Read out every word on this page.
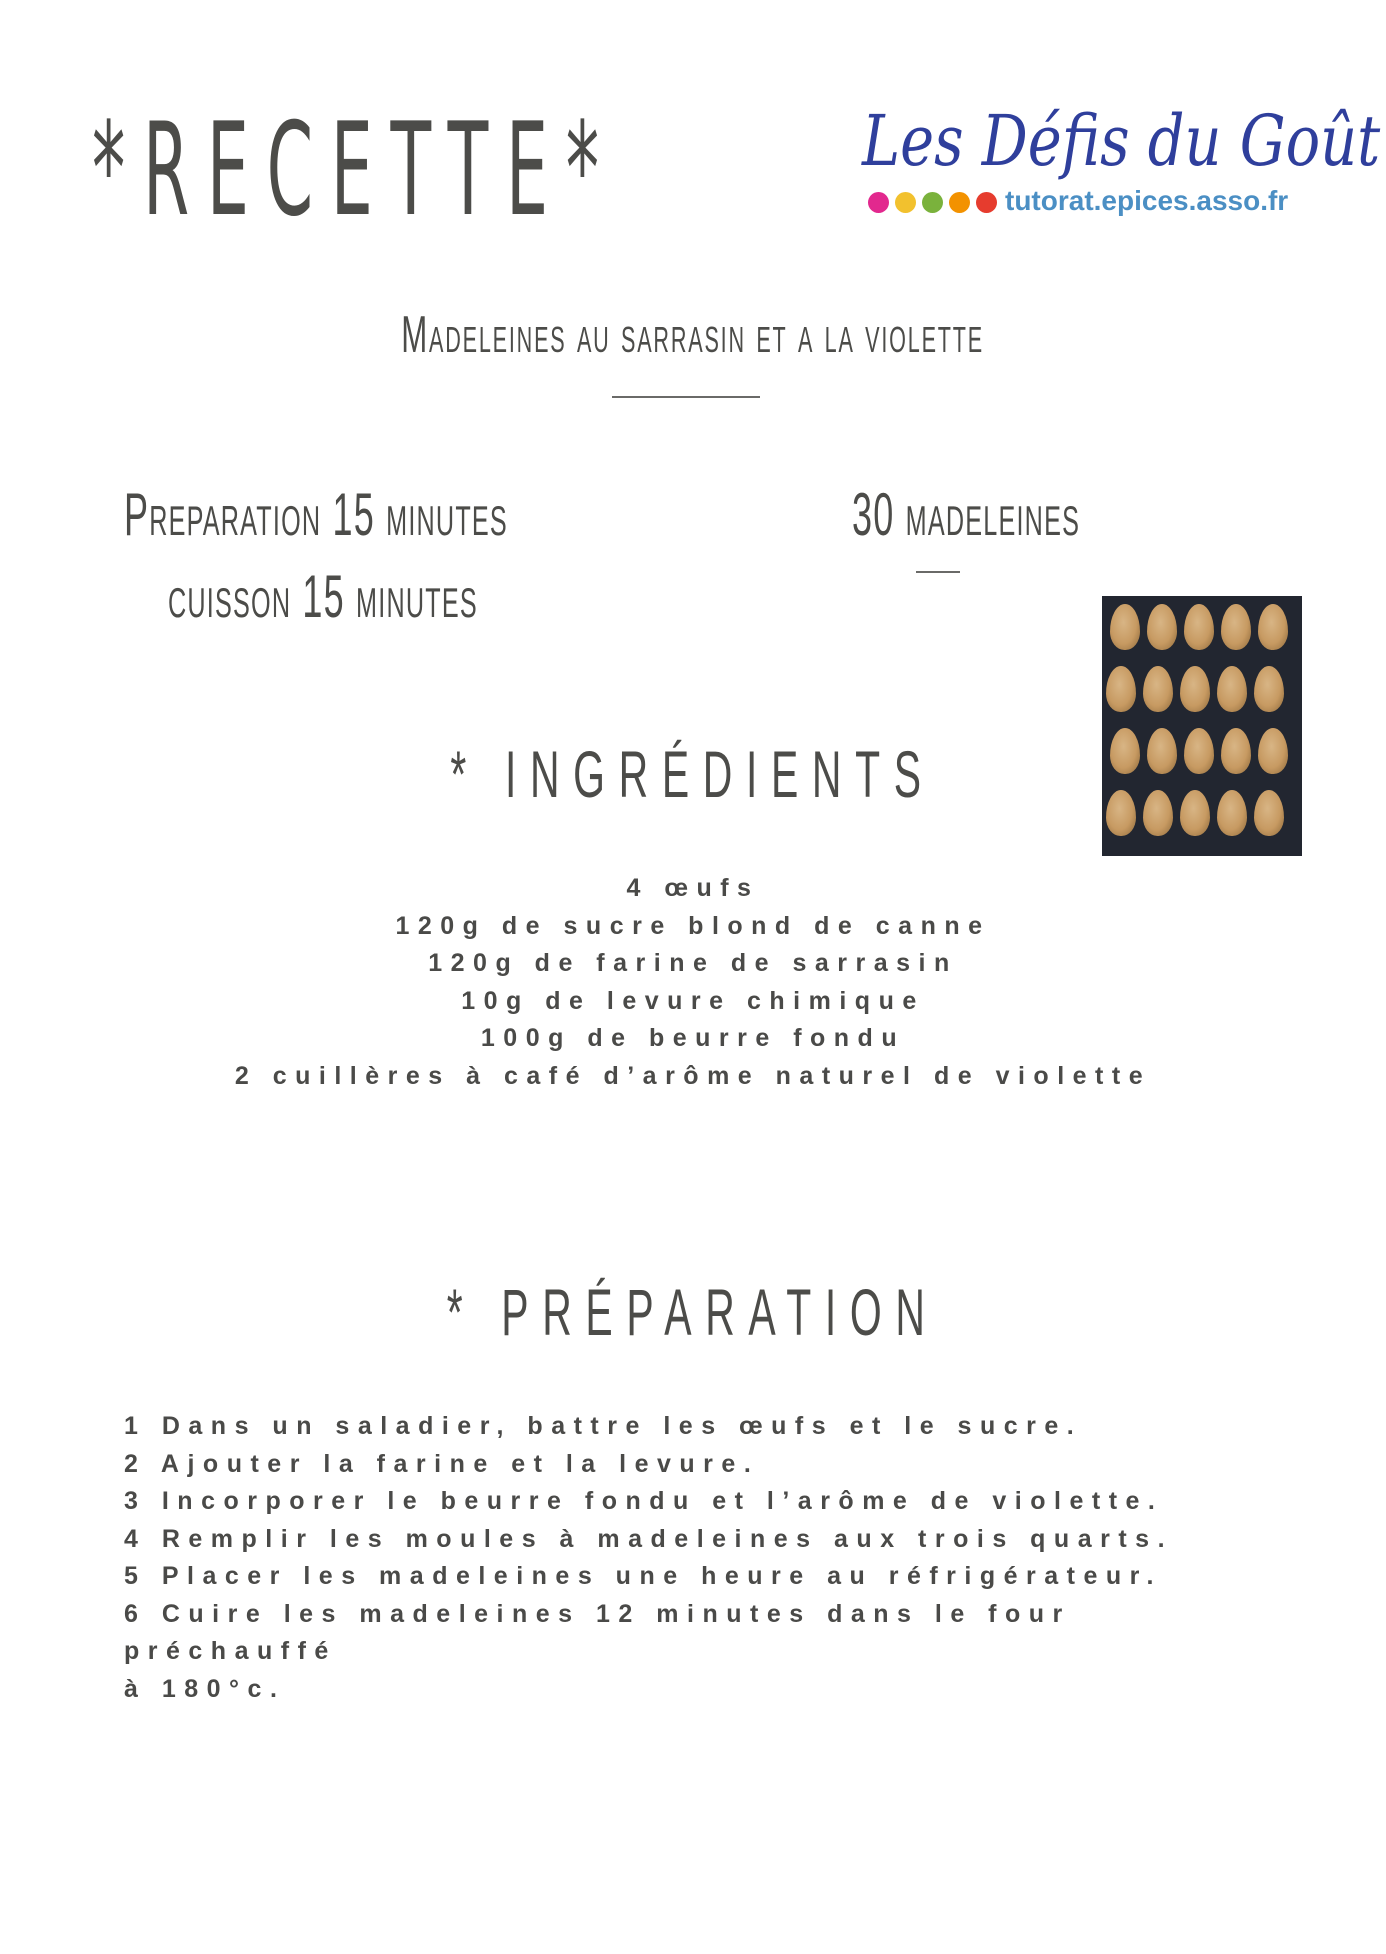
*RECETTE*	Les Défis du Goût
tutorat.epices.asso.fr
Madeleines au sarrasin et a la violette
Preparation 15 minutes
cuisson 15 minutes
30 madeleines
* INGRÉDIENTS
4 œufs
120g de sucre blond de canne
120g de farine de sarrasin
10g de levure chimique
100g de beurre fondu
2 cuillères à café d’arôme naturel de violette
* PRÉPARATION
1 Dans un saladier, battre les œufs et le sucre.
2 Ajouter la farine et la levure.
3 Incorporer le beurre fondu et l’arôme de violette.
4 Remplir les moules à madeleines aux trois quarts.
5 Placer les madeleines une heure au réfrigérateur.
6 Cuire les madeleines 12 minutes dans le four préchauffé
à 180°c.
